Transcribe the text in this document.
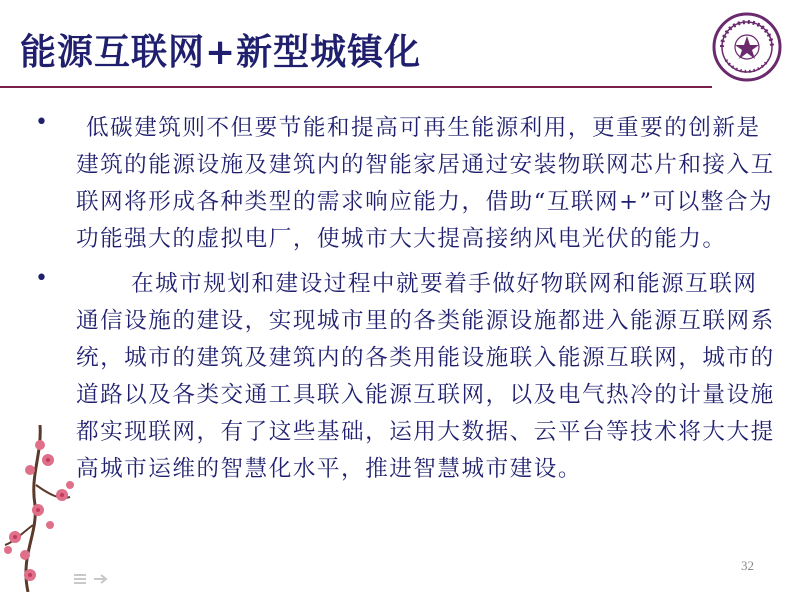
能源互联网+新型城镇化
•	低碳建筑则不但要节能和提高可再生能源利用，更重要的创新是建筑的能源设施及建筑内的智能家居通过安装物联网芯片和接入互联网将形成各种类型的需求响应能力，借助“互联网+”可以整合为功能强大的虚拟电厂，使城市大大提高接纳风电光伏的能力。
•	在城市规划和建设过程中就要着手做好物联网和能源互联网通信设施的建设，实现城市里的各类能源设施都进入能源互联网系统，城市的建筑及建筑内的各类用能设施联入能源互联网，城市的道路以及各类交通工具联入能源互联网，以及电气热冷的计量设施都实现联网，有了这些基础，运用大数据、云平台等技术将大大提高城市运维的智慧化水平，推进智慧城市建设。
32
